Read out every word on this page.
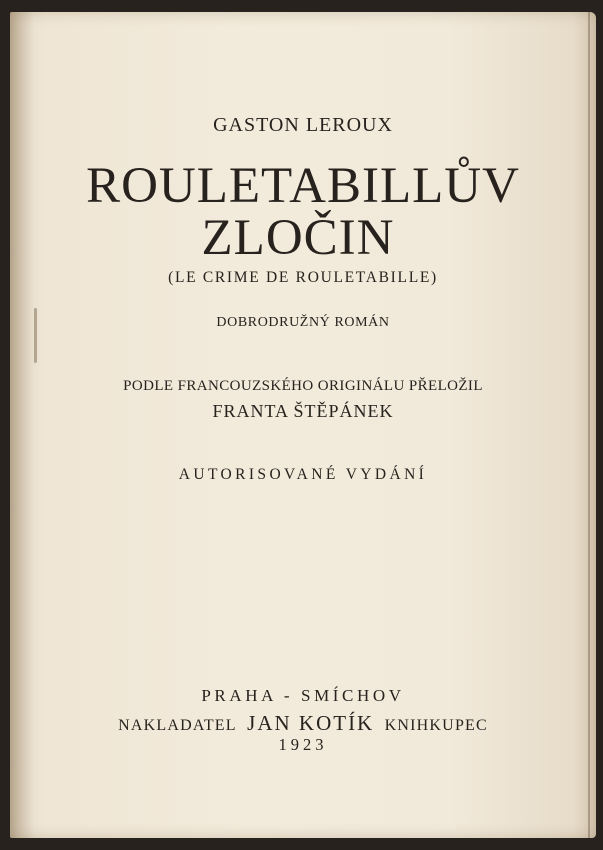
GASTON LEROUX

ROULETABILLŮV

ZLOČIN

(LE CRIME DE ROULETABILLE)

DOBRODRUŽNÝ ROMÁN

PODLE FRANCOUZSKÉHO ORIGINÁLU PŘELOŽIL

FRANTA ŠTĚPÁNEK

AUTORISOVANÉ VYDÁNÍ

PRAHA - SMÍCHOV

NAKLADATEL JAN KOTÍK KNIHKUPEC

1923
